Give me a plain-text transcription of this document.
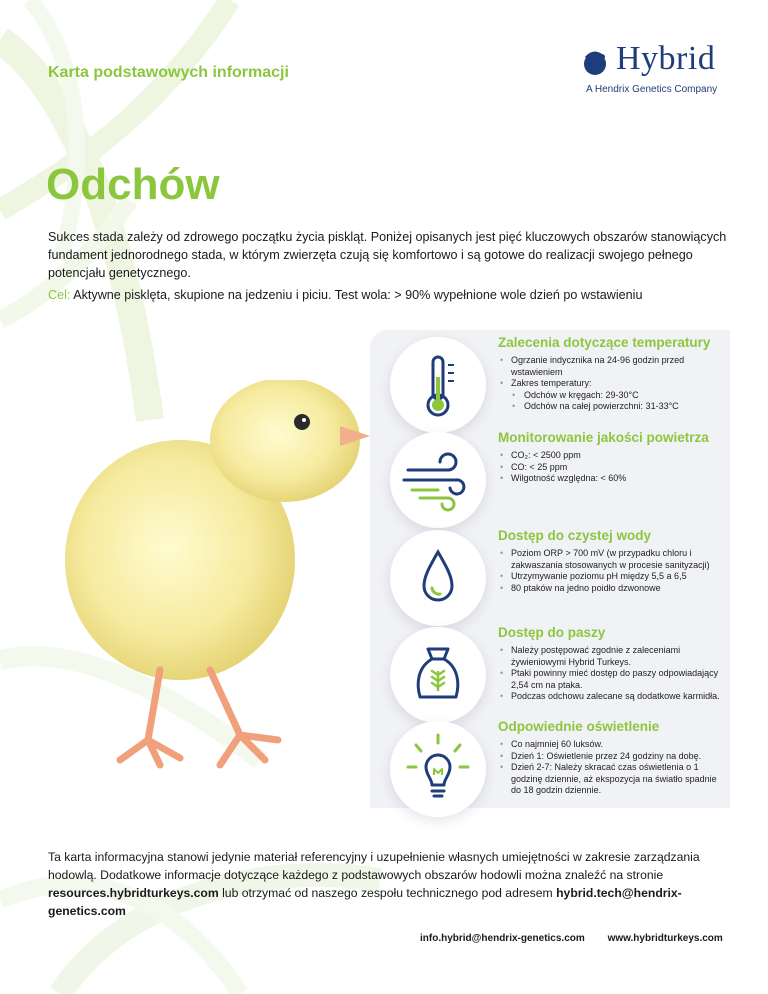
Karta podstawowych informacji	Hybrid
A Hendrix Genetics Company
Odchów
Sukces stada zależy od zdrowego początku życia piskląt. Poniżej opisanych jest pięć kluczowych obszarów stanowiących fundament jednorodnego stada, w którym zwierzęta czują się komfortowo i są gotowe do realizacji swojego pełnego potencjału genetycznego.
Cel: Aktywne pisklęta, skupione na jedzeniu i piciu. Test wola: > 90% wypełnione wole dzień po wstawieniu
Zalecenia dotyczące temperatury
• Ogrzanie indycznika na 24-96 godzin przed wstawieniem
• Zakres temperatury:
• Odchów w kręgach: 29-30°C
• Odchów na całej powierzchni: 31-33°C
Monitorowanie jakości powietrza
• CO₂: < 2500 ppm
• CO: < 25 ppm
• Wilgotność względna: < 60%
Dostęp do czystej wody
• Poziom ORP > 700 mV (w przypadku chloru i zakwaszania stosowanych w procesie sanityzacji)
• Utrzymywanie poziomu pH między 5,5 a 6,5
• 80 ptaków na jedno poidło dzwonowe
Dostęp do paszy
• Należy postępować zgodnie z zaleceniami żywieniowymi Hybrid Turkeys.
• Ptaki powinny mieć dostęp do paszy odpowiadający 2,54 cm na ptaka.
• Podczas odchowu zalecane są dodatkowe karmidła.
Odpowiednie oświetlenie
• Co najmniej 60 luksów.
• Dzień 1: Oświetlenie przez 24 godziny na dobę.
• Dzień 2-7: Należy skracać czas oświetlenia o 1 godzinę dziennie, aż ekspozycja na światło spadnie do 18 godzin dziennie.
Ta karta informacyjna stanowi jedynie materiał referencyjny i uzupełnienie własnych umiejętności w zakresie zarządzania hodowlą. Dodatkowe informacje dotyczące każdego z podstawowych obszarów hodowli można znaleźć na stronie resources.hybridturkeys.com lub otrzymać od naszego zespołu technicznego pod adresem hybrid.tech@hendrix-genetics.com
info.hybrid@hendrix-genetics.com www.hybridturkeys.com
